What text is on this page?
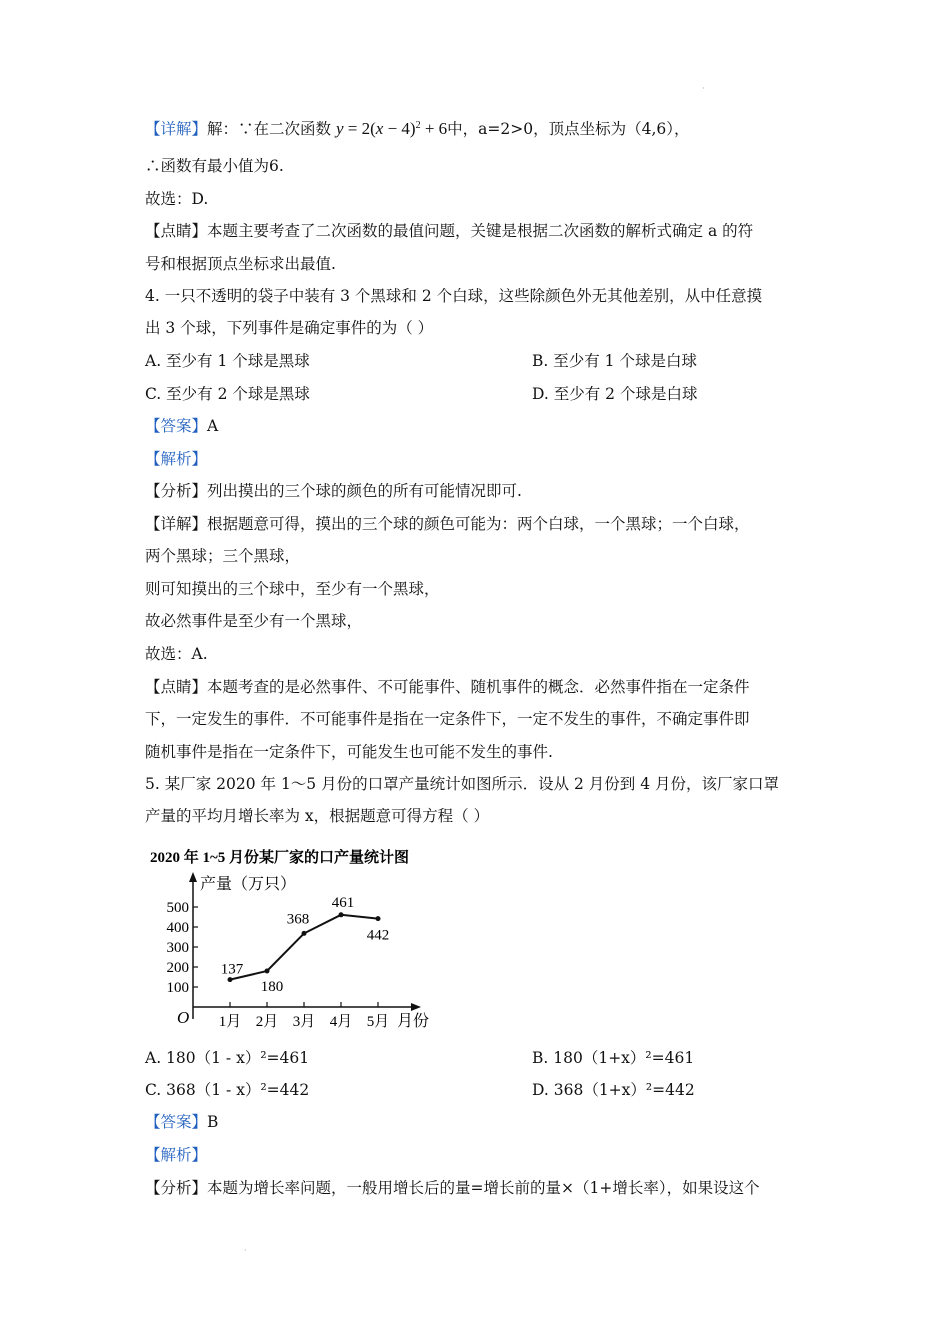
·
【详解】解：∵在二次函数 $y = 2(x - 4)^2 + 6$中，a=2>0，顶点坐标为（4,6），
∴函数有最小值为6.
故选：D.
【点睛】本题主要考查了二次函数的最值问题，关键是根据二次函数的解析式确定 a 的符
号和根据顶点坐标求出最值.
4. 一只不透明的袋子中装有 3 个黑球和 2 个白球，这些除颜色外无其他差别，从中任意摸
出 3 个球，下列事件是确定事件的为（ ）
A. 至少有 1 个球是黑球	B. 至少有 1 个球是白球
C. 至少有 2 个球是黑球	D. 至少有 2 个球是白球
【答案】A
【解析】
【分析】列出摸出的三个球的颜色的所有可能情况即可.
【详解】根据题意可得，摸出的三个球的颜色可能为：两个白球，一个黑球；一个白球，
两个黑球；三个黑球，
则可知摸出的三个球中，至少有一个黑球，
故必然事件是至少有一个黑球，
故选：A.
【点睛】本题考查的是必然事件、不可能事件、随机事件的概念．必然事件指在一定条件
下，一定发生的事件．不可能事件是指在一定条件下，一定不发生的事件，不确定事件即
随机事件是指在一定条件下，可能发生也可能不发生的事件.
5. 某厂家 2020 年 1～5 月份的口罩产量统计如图所示．设从 2 月份到 4 月份，该厂家口罩
产量的平均月增长率为 x，根据题意可得方程（ ）
2020 年 1~5 月份某厂家的口产量统计图
产量（万只）
月份
O
100
200
300
400
500
1月 2月 3月 4月 5月
137
180
368
461
442
A. 180（1 - x）²=461	B. 180（1+x）²=461
C. 368（1 - x）²=442	D. 368（1+x）²=442
【答案】B
【解析】
【分析】本题为增长率问题，一般用增长后的量=增长前的量×（1+增长率），如果设这个
·
